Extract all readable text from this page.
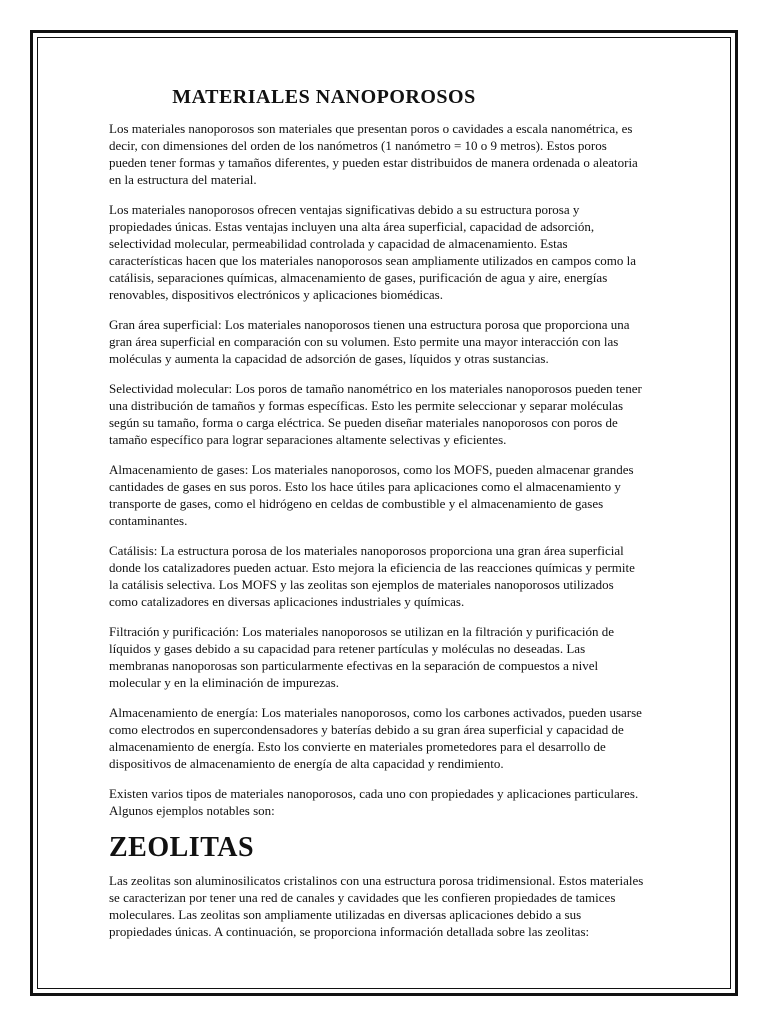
MATERIALES NANOPOROSOS

Los materiales nanoporosos son materiales que presentan poros o cavidades a escala nanométrica, es decir, con dimensiones del orden de los nanómetros (1 nanómetro = 10 o 9 metros). Estos poros pueden tener formas y tamaños diferentes, y pueden estar distribuidos de manera ordenada o aleatoria en la estructura del material.

Los materiales nanoporosos ofrecen ventajas significativas debido a su estructura porosa y propiedades únicas. Estas ventajas incluyen una alta área superficial, capacidad de adsorción, selectividad molecular, permeabilidad controlada y capacidad de almacenamiento. Estas características hacen que los materiales nanoporosos sean ampliamente utilizados en campos como la catálisis, separaciones químicas, almacenamiento de gases, purificación de agua y aire, energías renovables, dispositivos electrónicos y aplicaciones biomédicas.

Gran área superficial: Los materiales nanoporosos tienen una estructura porosa que proporciona una gran área superficial en comparación con su volumen. Esto permite una mayor interacción con las moléculas y aumenta la capacidad de adsorción de gases, líquidos y otras sustancias.

Selectividad molecular: Los poros de tamaño nanométrico en los materiales nanoporosos pueden tener una distribución de tamaños y formas específicas. Esto les permite seleccionar y separar moléculas según su tamaño, forma o carga eléctrica. Se pueden diseñar materiales nanoporosos con poros de tamaño específico para lograr separaciones altamente selectivas y eficientes.

Almacenamiento de gases: Los materiales nanoporosos, como los MOFS, pueden almacenar grandes cantidades de gases en sus poros. Esto los hace útiles para aplicaciones como el almacenamiento y transporte de gases, como el hidrógeno en celdas de combustible y el almacenamiento de gases contaminantes.

Catálisis: La estructura porosa de los materiales nanoporosos proporciona una gran área superficial donde los catalizadores pueden actuar. Esto mejora la eficiencia de las reacciones químicas y permite la catálisis selectiva. Los MOFS y las zeolitas son ejemplos de materiales nanoporosos utilizados como catalizadores en diversas aplicaciones industriales y químicas.

Filtración y purificación: Los materiales nanoporosos se utilizan en la filtración y purificación de líquidos y gases debido a su capacidad para retener partículas y moléculas no deseadas. Las membranas nanoporosas son particularmente efectivas en la separación de compuestos a nivel molecular y en la eliminación de impurezas.

Almacenamiento de energía: Los materiales nanoporosos, como los carbones activados, pueden usarse como electrodos en supercondensadores y baterías debido a su gran área superficial y capacidad de almacenamiento de energía. Esto los convierte en materiales prometedores para el desarrollo de dispositivos de almacenamiento de energía de alta capacidad y rendimiento.

Existen varios tipos de materiales nanoporosos, cada uno con propiedades y aplicaciones particulares. Algunos ejemplos notables son:

ZEOLITAS

Las zeolitas son aluminosilicatos cristalinos con una estructura porosa tridimensional. Estos materiales se caracterizan por tener una red de canales y cavidades que les confieren propiedades de tamices moleculares. Las zeolitas son ampliamente utilizadas en diversas aplicaciones debido a sus propiedades únicas. A continuación, se proporciona información detallada sobre las zeolitas:
